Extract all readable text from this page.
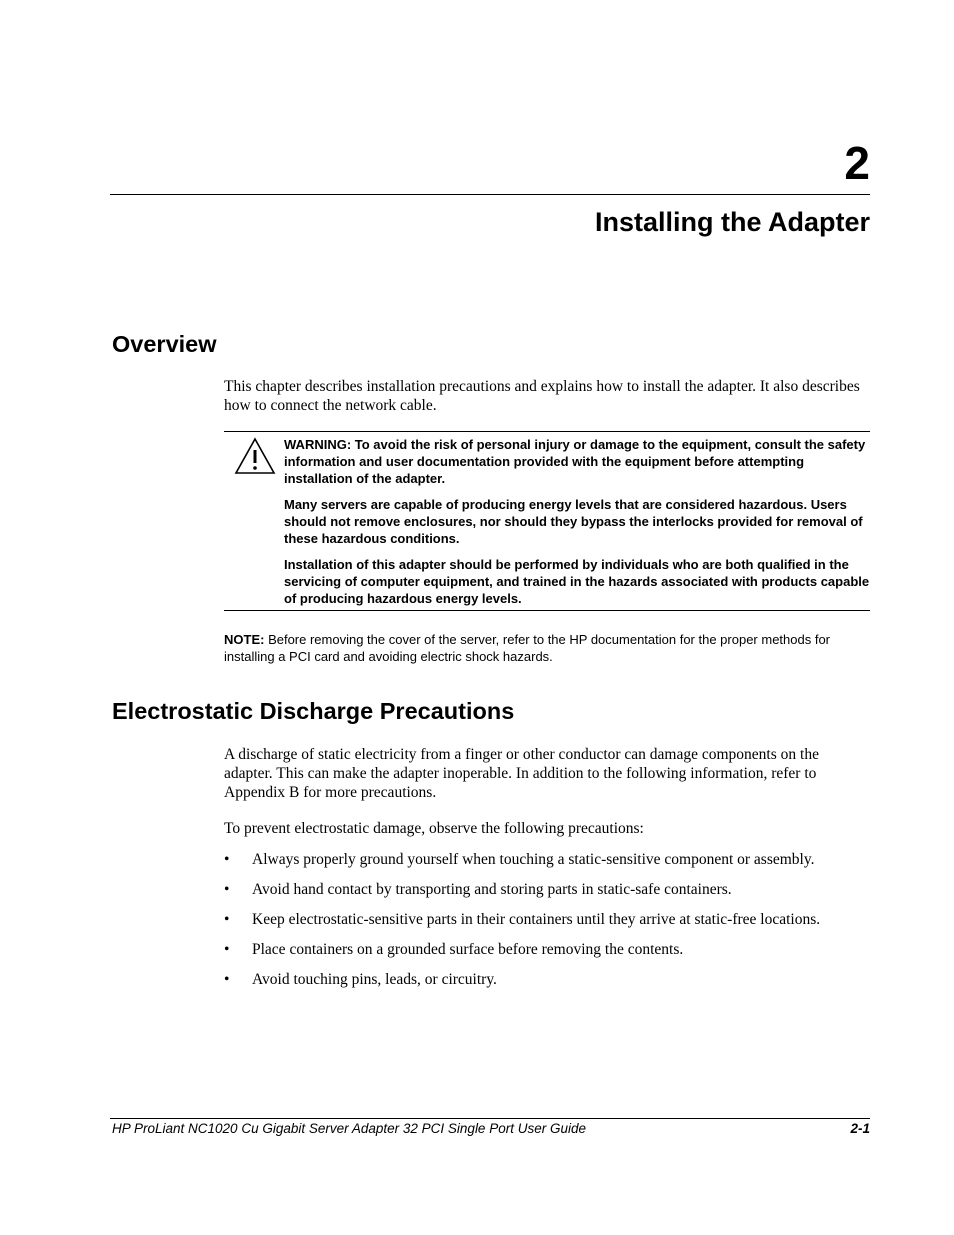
2
Installing the Adapter
Overview
This chapter describes installation precautions and explains how to install the adapter. It also describes how to connect the network cable.

WARNING: To avoid the risk of personal injury or damage to the equipment, consult the safety information and user documentation provided with the equipment before attempting installation of the adapter.

Many servers are capable of producing energy levels that are considered hazardous. Users should not remove enclosures, nor should they bypass the interlocks provided for removal of these hazardous conditions.

Installation of this adapter should be performed by individuals who are both qualified in the servicing of computer equipment, and trained in the hazards associated with products capable of producing hazardous energy levels.

NOTE: Before removing the cover of the server, refer to the HP documentation for the proper methods for installing a PCI card and avoiding electric shock hazards.
Electrostatic Discharge Precautions
A discharge of static electricity from a finger or other conductor can damage components on the adapter. This can make the adapter inoperable. In addition to the following information, refer to Appendix B for more precautions.
To prevent electrostatic damage, observe the following precautions:
• Always properly ground yourself when touching a static-sensitive component or assembly.
• Avoid hand contact by transporting and storing parts in static-safe containers.
• Keep electrostatic-sensitive parts in their containers until they arrive at static-free locations.
• Place containers on a grounded surface before removing the contents.
• Avoid touching pins, leads, or circuitry.
HP ProLiant NC1020 Cu Gigabit Server Adapter 32 PCI Single Port User Guide	2-1
